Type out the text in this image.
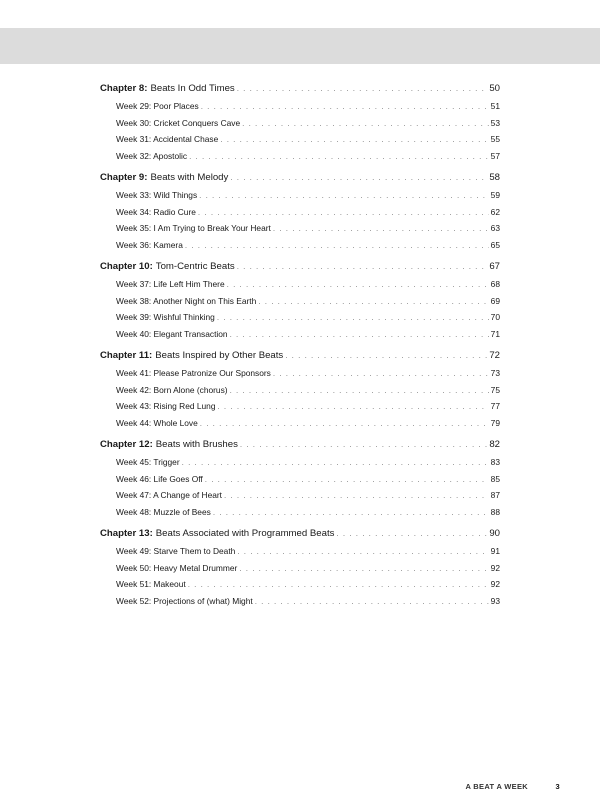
Chapter 8: Beats In Odd Times . . .	50
Week 29: Poor Places . . .	51
Week 30: Cricket Conquers Cave . . .	53
Week 31: Accidental Chase . . .	55
Week 32: Apostolic . . .	57
Chapter 9: Beats with Melody . . .	58
Week 33: Wild Things . . .	59
Week 34: Radio Cure . . .	62
Week 35: I Am Trying to Break Your Heart . . .	63
Week 36: Kamera . . .	65
Chapter 10: Tom-Centric Beats . . .	67
Week 37: Life Left Him There . . .	68
Week 38: Another Night on This Earth . . .	69
Week 39: Wishful Thinking . . .	70
Week 40: Elegant Transaction . . .	71
Chapter 11: Beats Inspired by Other Beats . . .	72
Week 41: Please Patronize Our Sponsors . . .	73
Week 42: Born Alone (chorus) . . .	75
Week 43: Rising Red Lung . . .	77
Week 44: Whole Love . . .	79
Chapter 12: Beats with Brushes . . .	82
Week 45: Trigger . . .	83
Week 46: Life Goes Off . . .	85
Week 47: A Change of Heart . . .	87
Week 48: Muzzle of Bees . . .	88
Chapter 13: Beats Associated with Programmed Beats . . .	90
Week 49: Starve Them to Death . . .	91
Week 50: Heavy Metal Drummer . . .	92
Week 51: Makeout . . .	92
Week 52: Projections of (what) Might . . .	93
A BEAT A WEEK	3
